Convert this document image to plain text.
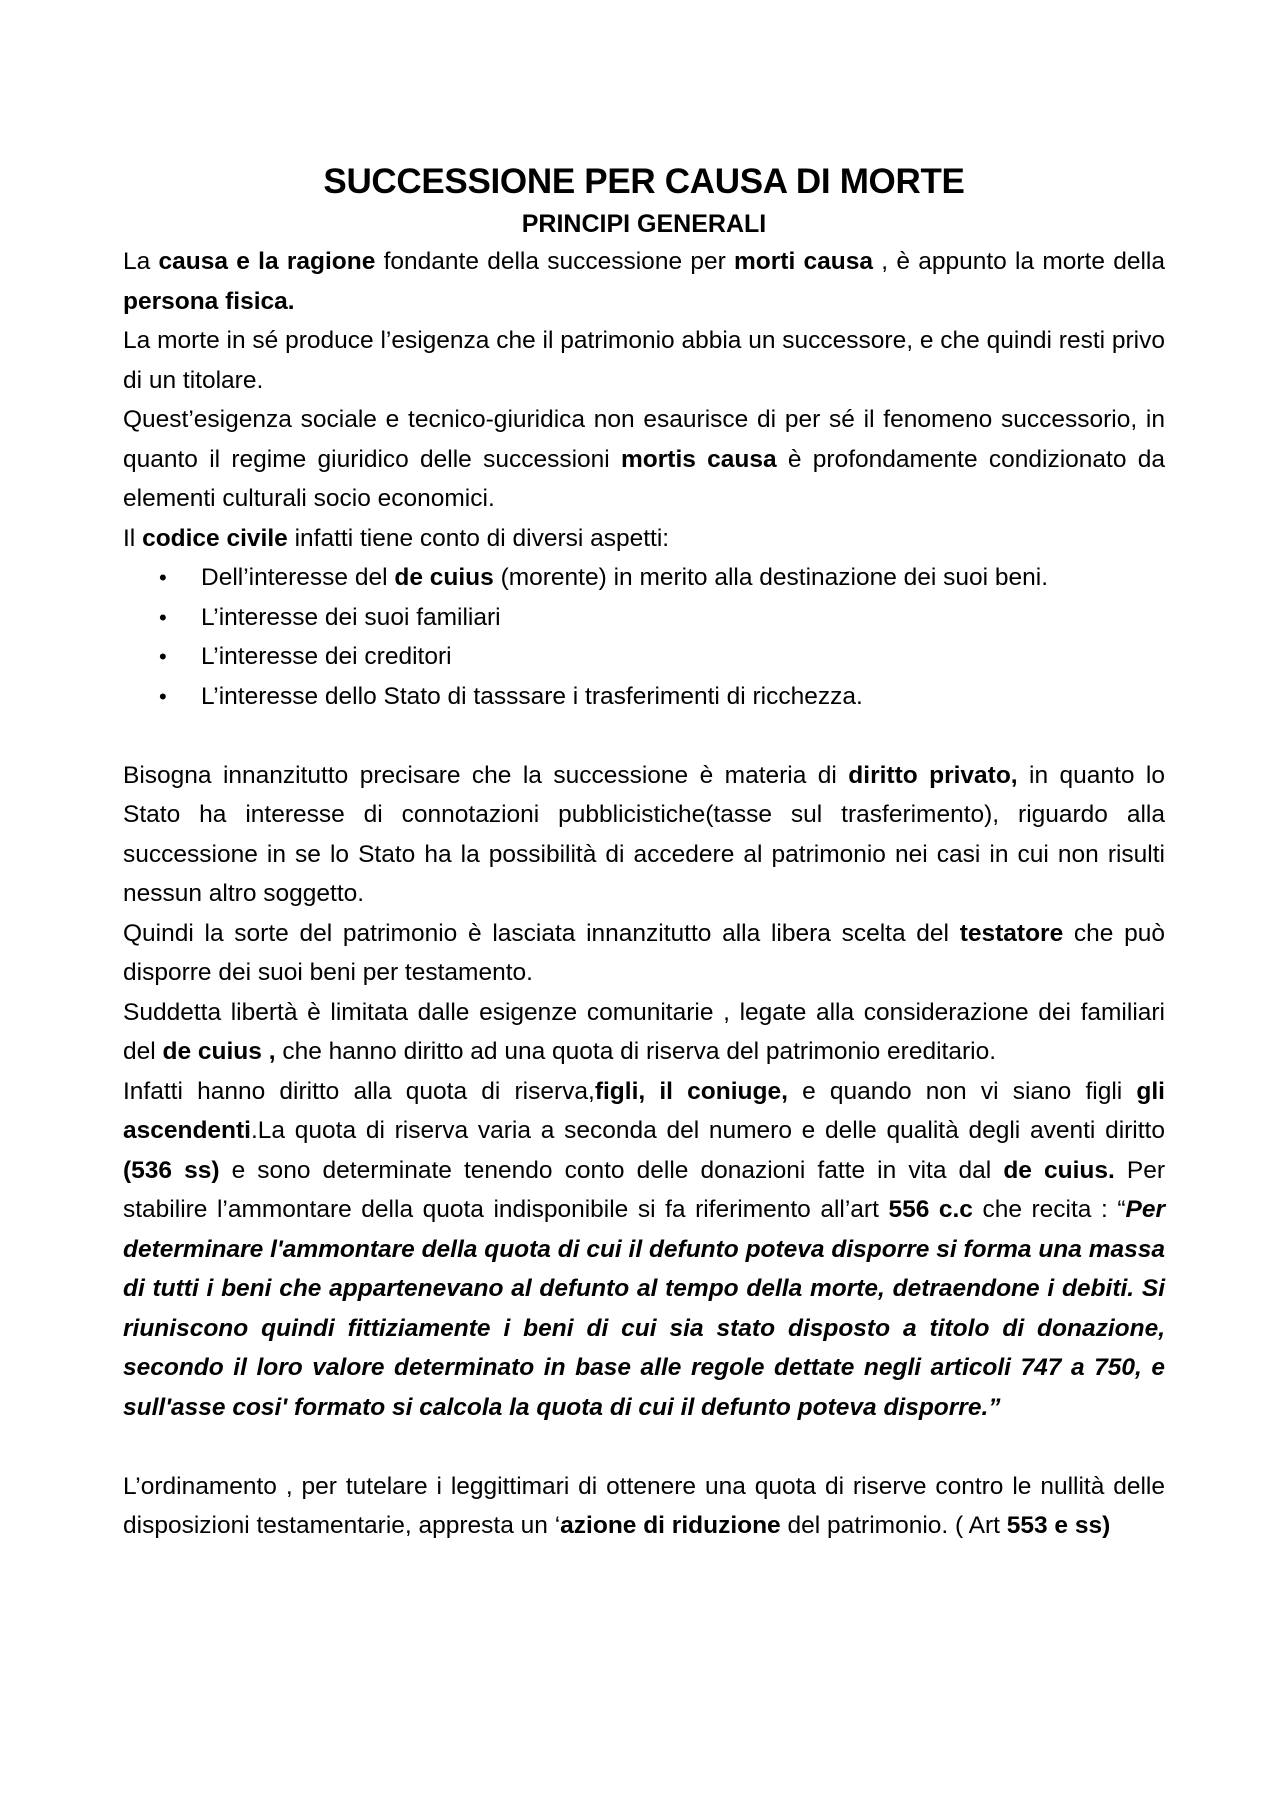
SUCCESSIONE PER CAUSA DI MORTE
PRINCIPI GENERALI

La causa e la ragione fondante della successione per morti causa , è appunto la morte della persona fisica.

La morte in sé produce l’esigenza che il patrimonio abbia un successore, e che quindi resti privo di un titolare.

Quest’esigenza sociale e tecnico-giuridica non esaurisce di per sé il fenomeno successorio, in quanto il regime giuridico delle successioni mortis causa è profondamente condizionato da elementi culturali socio economici.

Il codice civile infatti tiene conto di diversi aspetti:

• Dell’interesse del de cuius (morente) in merito alla destinazione dei suoi beni.
• L’interesse dei suoi familiari
• L’interesse dei creditori
• L’interesse dello Stato di tasssare i trasferimenti di ricchezza.

Bisogna innanzitutto precisare che la successione è materia di diritto privato, in quanto lo Stato ha interesse di connotazioni pubblicistiche(tasse sul trasferimento), riguardo alla successione in se lo Stato ha la possibilità di accedere al patrimonio nei casi in cui non risulti nessun altro soggetto.

Quindi la sorte del patrimonio è lasciata innanzitutto alla libera scelta del testatore che può disporre dei suoi beni per testamento.

Suddetta libertà è limitata dalle esigenze comunitarie , legate alla considerazione dei familiari del de cuius , che hanno diritto ad una quota di riserva del patrimonio ereditario.

Infatti hanno diritto alla quota di riserva,figli, il coniuge, e quando non vi siano figli gli ascendenti.La quota di riserva varia a seconda del numero e delle qualità degli aventi diritto (536 ss) e sono determinate tenendo conto delle donazioni fatte in vita dal de cuius. Per stabilire l’ammontare della quota indisponibile si fa riferimento all’art 556 c.c che recita : “Per determinare l'ammontare della quota di cui il defunto poteva disporre si forma una massa di tutti i beni che appartenevano al defunto al tempo della morte, detraendone i debiti. Si riuniscono quindi fittiziamente i beni di cui sia stato disposto a titolo di donazione, secondo il loro valore determinato in base alle regole dettate negli articoli 747 a 750, e sull'asse cosi' formato si calcola la quota di cui il defunto poteva disporre.”

L’ordinamento , per tutelare i leggittimari di ottenere una quota di riserve contro le nullità delle disposizioni testamentarie, appresta un ‘azione di riduzione del patrimonio. ( Art 553 e ss)
